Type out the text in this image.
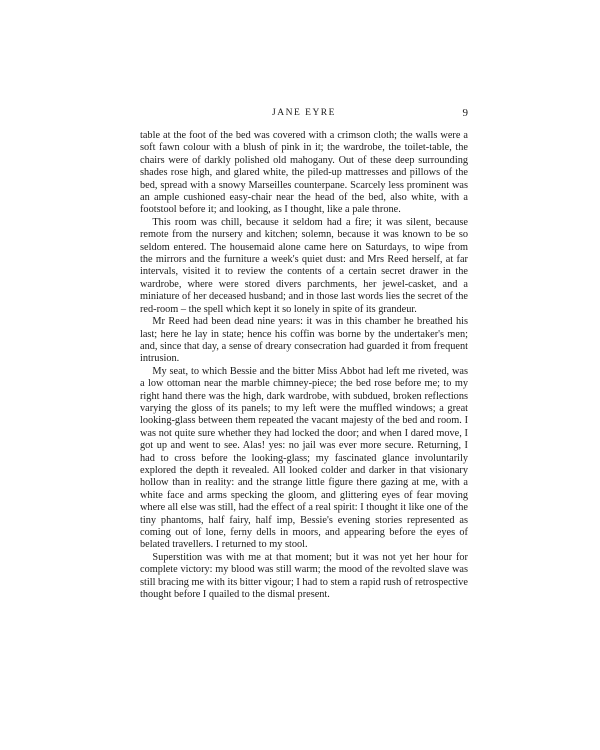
JANE EYRE	9

table at the foot of the bed was covered with a crimson cloth; the walls were a soft fawn colour with a blush of pink in it; the wardrobe, the toilet-table, the chairs were of darkly polished old mahogany. Out of these deep surrounding shades rose high, and glared white, the piled-up mattresses and pillows of the bed, spread with a snowy Marseilles counterpane. Scarcely less prominent was an ample cushioned easy-chair near the head of the bed, also white, with a footstool before it; and looking, as I thought, like a pale throne.

This room was chill, because it seldom had a fire; it was silent, because remote from the nursery and kitchen; solemn, because it was known to be so seldom entered. The housemaid alone came here on Saturdays, to wipe from the mirrors and the furniture a week's quiet dust: and Mrs Reed herself, at far intervals, visited it to review the contents of a certain secret drawer in the wardrobe, where were stored divers parchments, her jewel-casket, and a miniature of her deceased husband; and in those last words lies the secret of the red-room – the spell which kept it so lonely in spite of its grandeur.

Mr Reed had been dead nine years: it was in this chamber he breathed his last; here he lay in state; hence his coffin was borne by the undertaker's men; and, since that day, a sense of dreary consecration had guarded it from frequent intrusion.

My seat, to which Bessie and the bitter Miss Abbot had left me riveted, was a low ottoman near the marble chimney-piece; the bed rose before me; to my right hand there was the high, dark wardrobe, with subdued, broken reflections varying the gloss of its panels; to my left were the muffled windows; a great looking-glass between them repeated the vacant majesty of the bed and room. I was not quite sure whether they had locked the door; and when I dared move, I got up and went to see. Alas! yes: no jail was ever more secure. Returning, I had to cross before the looking-glass; my fascinated glance involuntarily explored the depth it revealed. All looked colder and darker in that visionary hollow than in reality: and the strange little figure there gazing at me, with a white face and arms specking the gloom, and glittering eyes of fear moving where all else was still, had the effect of a real spirit: I thought it like one of the tiny phantoms, half fairy, half imp, Bessie's evening stories represented as coming out of lone, ferny dells in moors, and appearing before the eyes of belated travellers. I returned to my stool.

Superstition was with me at that moment; but it was not yet her hour for complete victory: my blood was still warm; the mood of the revolted slave was still bracing me with its bitter vigour; I had to stem a rapid rush of retrospective thought before I quailed to the dismal present.
